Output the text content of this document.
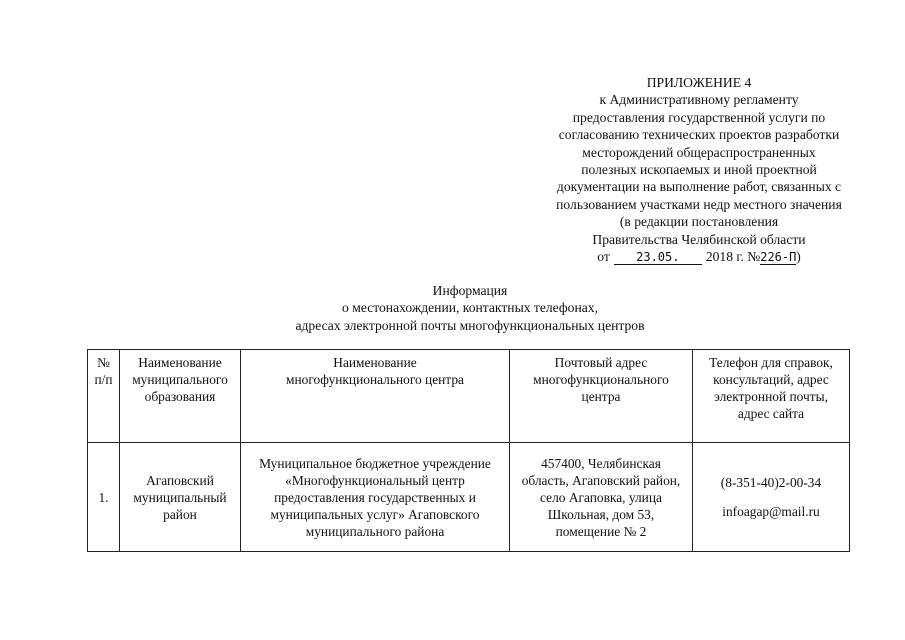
ПРИЛОЖЕНИЕ 4
к Административному регламенту
предоставления государственной услуги по
согласованию технических проектов разработки
месторождений общераспространенных
полезных ископаемых и иной проектной
документации на выполнение работ, связанных с
пользованием участками недр местного значения
(в редакции постановления
Правительства Челябинской области
от 23.05. 2018 г. №226-П)
Информация
о местонахождении, контактных телефонах,
адресах электронной почты многофункциональных центров
№
п/п	Наименование
муниципального
образования	Наименование
многофункционального центра	Почтовый адрес
многофункционального
центра	Телефон для справок,
консультаций, адрес
электронной почты,
адрес сайта

1.	Агаповский
муниципальный
район	Муниципальное бюджетное учреждение
«Многофункциональный центр
предоставления государственных и
муниципальных услуг» Агаповского
муниципального района	457400, Челябинская
область, Агаповский район,
село Агаповка, улица
Школьная, дом 53,
помещение № 2	(8-351-40)2-00-34
infoagap@mail.ru
